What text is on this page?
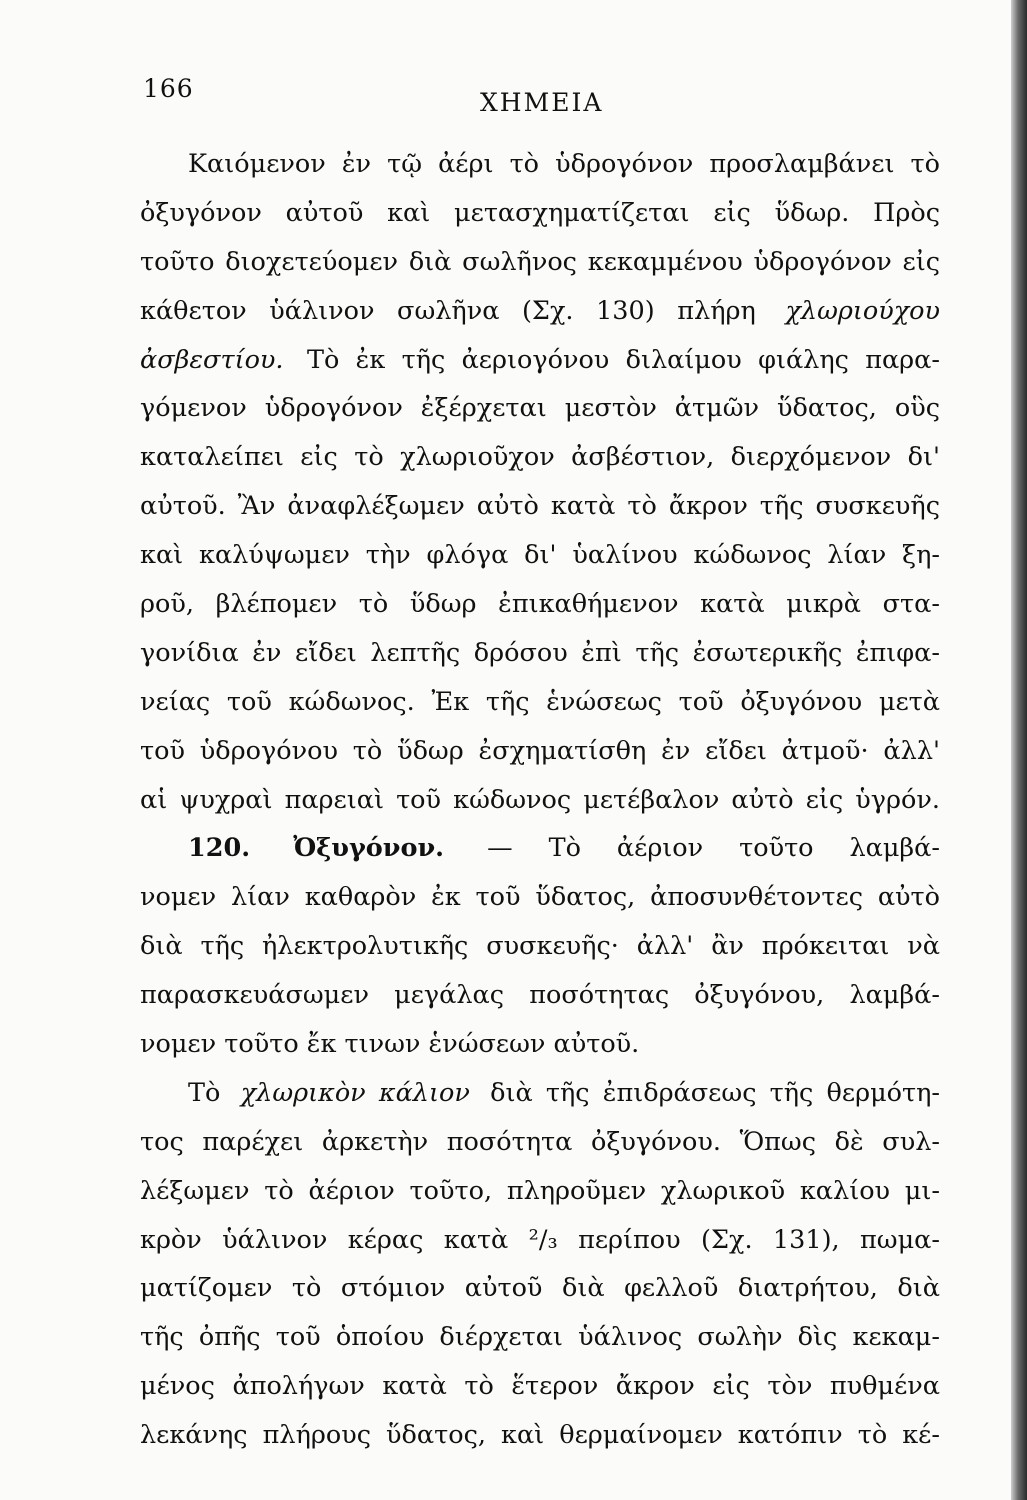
166	ΧΗΜΕΙΑ
Καιόμενον ἐν τῷ ἀέρι τὸ ὑδρογόνον προσλαμβάνει τὸ
ὀξυγόνον αὐτοῦ καὶ μετασχηματίζεται εἰς ὕδωρ. Πρὸς
τοῦτο διοχετεύομεν διὰ σωλῆνος κεκαμμένου ὑδρογόνον εἰς
κάθετον ὑάλινον σωλῆνα (Σχ. 130) πλήρη χλωριούχου
ἀσβεστίου. Τὸ ἐκ τῆς ἀεριογόνου διλαίμου φιάλης παρα-
γόμενον ὑδρογόνον ἐξέρχεται μεστὸν ἀτμῶν ὕδατος, οὓς
καταλείπει εἰς τὸ χλωριοῦχον ἀσβέστιον, διερχόμενον δι'
αὐτοῦ. Ἂν ἀναφλέξωμεν αὐτὸ κατὰ τὸ ἄκρον τῆς συσκευῆς
καὶ καλύψωμεν τὴν φλόγα δι' ὑαλίνου κώδωνος λίαν ξη-
ροῦ, βλέπομεν τὸ ὕδωρ ἐπικαθήμενον κατὰ μικρὰ στα-
γονίδια ἐν εἴδει λεπτῆς δρόσου ἐπὶ τῆς ἐσωτερικῆς ἐπιφα-
νείας τοῦ κώδωνος. Ἐκ τῆς ἑνώσεως τοῦ ὀξυγόνου μετὰ
τοῦ ὑδρογόνου τὸ ὕδωρ ἐσχηματίσθη ἐν εἴδει ἀτμοῦ· ἀλλ'
αἱ ψυχραὶ παρειαὶ τοῦ κώδωνος μετέβαλον αὐτὸ εἰς ὑγρόν.
120. Ὀξυγόνον. — Τὸ ἀέριον τοῦτο λαμβά-
νομεν λίαν καθαρὸν ἐκ τοῦ ὕδατος, ἀποσυνθέτοντες αὐτὸ
διὰ τῆς ἠλεκτρολυτικῆς συσκευῆς· ἀλλ' ἂν πρόκειται νὰ
παρασκευάσωμεν μεγάλας ποσότητας ὀξυγόνου, λαμβά-
νομεν τοῦτο ἔκ τινων ἑνώσεων αὐτοῦ.
Τὸ χλωρικὸν κάλιον διὰ τῆς ἐπιδράσεως τῆς θερμότη-
τος παρέχει ἀρκετὴν ποσότητα ὀξυγόνου. Ὅπως δὲ συλ-
λέξωμεν τὸ ἀέριον τοῦτο, πληροῦμεν χλωρικοῦ καλίου μι-
κρὸν ὑάλινον κέρας κατὰ ²/₃ περίπου (Σχ. 131), πωμα-
ματίζομεν τὸ στόμιον αὐτοῦ διὰ φελλοῦ διατρήτου, διὰ
τῆς ὀπῆς τοῦ ὁποίου διέρχεται ὑάλινος σωλὴν δὶς κεκαμ-
μένος ἀπολήγων κατὰ τὸ ἕτερον ἄκρον εἰς τὸν πυθμένα
λεκάνης πλήρους ὕδατος, καὶ θερμαίνομεν κατόπιν τὸ κέ-
